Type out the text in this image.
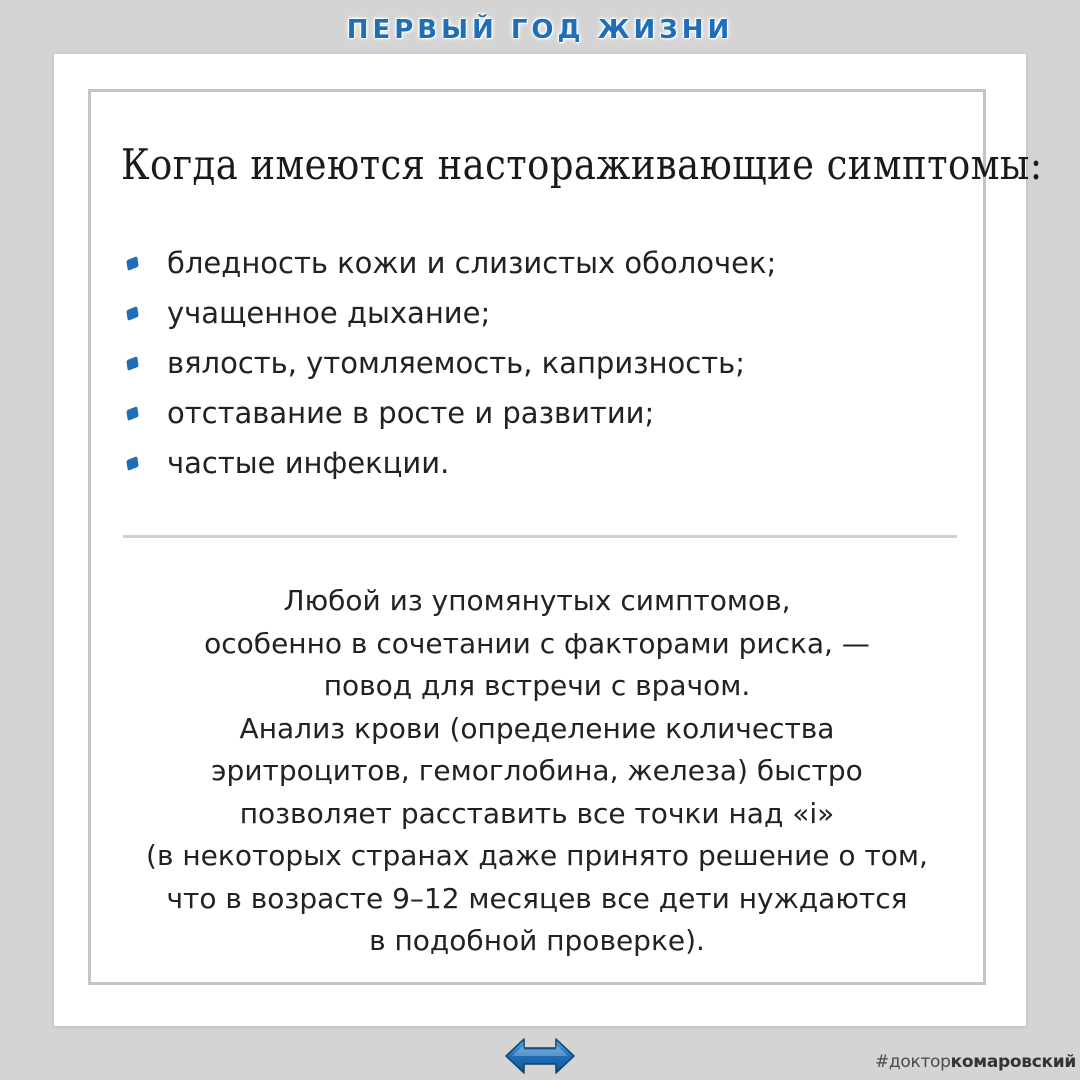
ПЕРВЫЙ ГОД ЖИЗНИ
Когда имеются настораживающие симптомы:
бледность кожи и слизистых оболочек;
учащенное дыхание;
вялость, утомляемость, капризность;
отставание в росте и развитии;
частые инфекции.
Любой из упомянутых симптомов,
особенно в сочетании с факторами риска, —
повод для встречи с врачом.
Анализ крови (определение количества
эритроцитов, гемоглобина, железа) быстро
позволяет расставить все точки над «i»
(в некоторых странах даже принято решение о том,
что в возрасте 9–12 месяцев все дети нуждаются
в подобной проверке).
#докторкомаровский
